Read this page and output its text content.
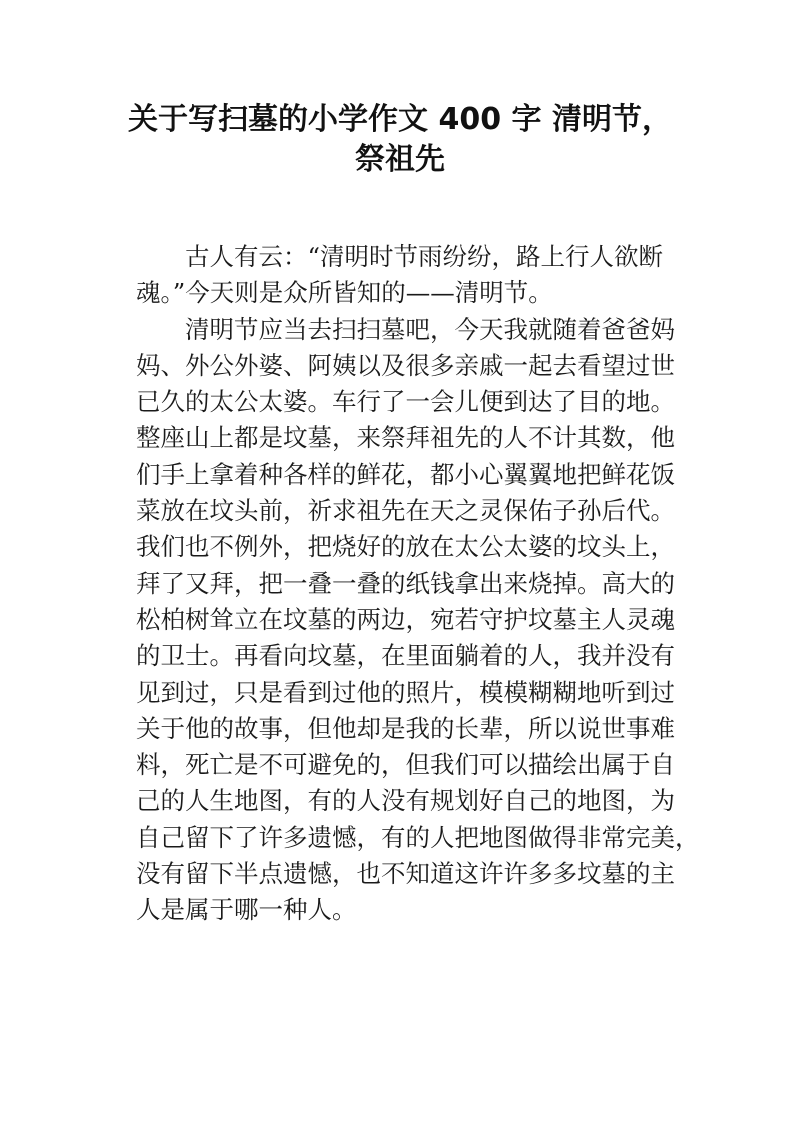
关于写扫墓的小学作文 400 字 清明节，
祭祖先
古人有云：“清明时节雨纷纷，路上行人欲断
魂。”今天则是众所皆知的——清明节。
清明节应当去扫扫墓吧，今天我就随着爸爸妈
妈、外公外婆、阿姨以及很多亲戚一起去看望过世
已久的太公太婆。车行了一会儿便到达了目的地。
整座山上都是坟墓，来祭拜祖先的人不计其数，他
们手上拿着种各样的鲜花，都小心翼翼地把鲜花饭
菜放在坟头前，祈求祖先在天之灵保佑子孙后代。
我们也不例外，把烧好的放在太公太婆的坟头上，
拜了又拜，把一叠一叠的纸钱拿出来烧掉。高大的
松柏树耸立在坟墓的两边，宛若守护坟墓主人灵魂
的卫士。再看向坟墓，在里面躺着的人，我并没有
见到过，只是看到过他的照片，模模糊糊地听到过
关于他的故事，但他却是我的长辈，所以说世事难
料，死亡是不可避免的，但我们可以描绘出属于自
己的人生地图，有的人没有规划好自己的地图，为
自己留下了许多遗憾，有的人把地图做得非常完美，
没有留下半点遗憾，也不知道这许许多多坟墓的主
人是属于哪一种人。
